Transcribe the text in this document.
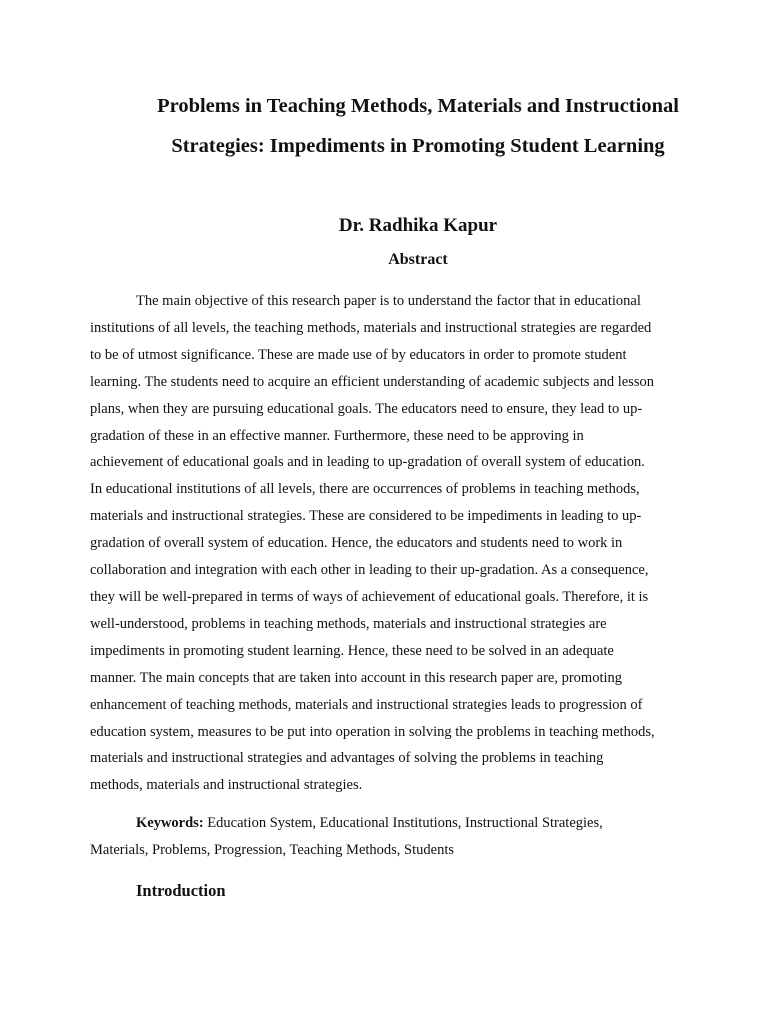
Problems in Teaching Methods, Materials and Instructional Strategies: Impediments in Promoting Student Learning
Dr. Radhika Kapur
Abstract
The main objective of this research paper is to understand the factor that in educational
institutions of all levels, the teaching methods, materials and instructional strategies are regarded
to be of utmost significance. These are made use of by educators in order to promote student
learning. The students need to acquire an efficient understanding of academic subjects and lesson
plans, when they are pursuing educational goals. The educators need to ensure, they lead to up-
gradation of these in an effective manner. Furthermore, these need to be approving in
achievement of educational goals and in leading to up-gradation of overall system of education.
In educational institutions of all levels, there are occurrences of problems in teaching methods,
materials and instructional strategies. These are considered to be impediments in leading to up-
gradation of overall system of education. Hence, the educators and students need to work in
collaboration and integration with each other in leading to their up-gradation. As a consequence,
they will be well-prepared in terms of ways of achievement of educational goals. Therefore, it is
well-understood, problems in teaching methods, materials and instructional strategies are
impediments in promoting student learning. Hence, these need to be solved in an adequate
manner. The main concepts that are taken into account in this research paper are, promoting
enhancement of teaching methods, materials and instructional strategies leads to progression of
education system, measures to be put into operation in solving the problems in teaching methods,
materials and instructional strategies and advantages of solving the problems in teaching
methods, materials and instructional strategies.
Keywords: Education System, Educational Institutions, Instructional Strategies,
Materials, Problems, Progression, Teaching Methods, Students
Introduction
